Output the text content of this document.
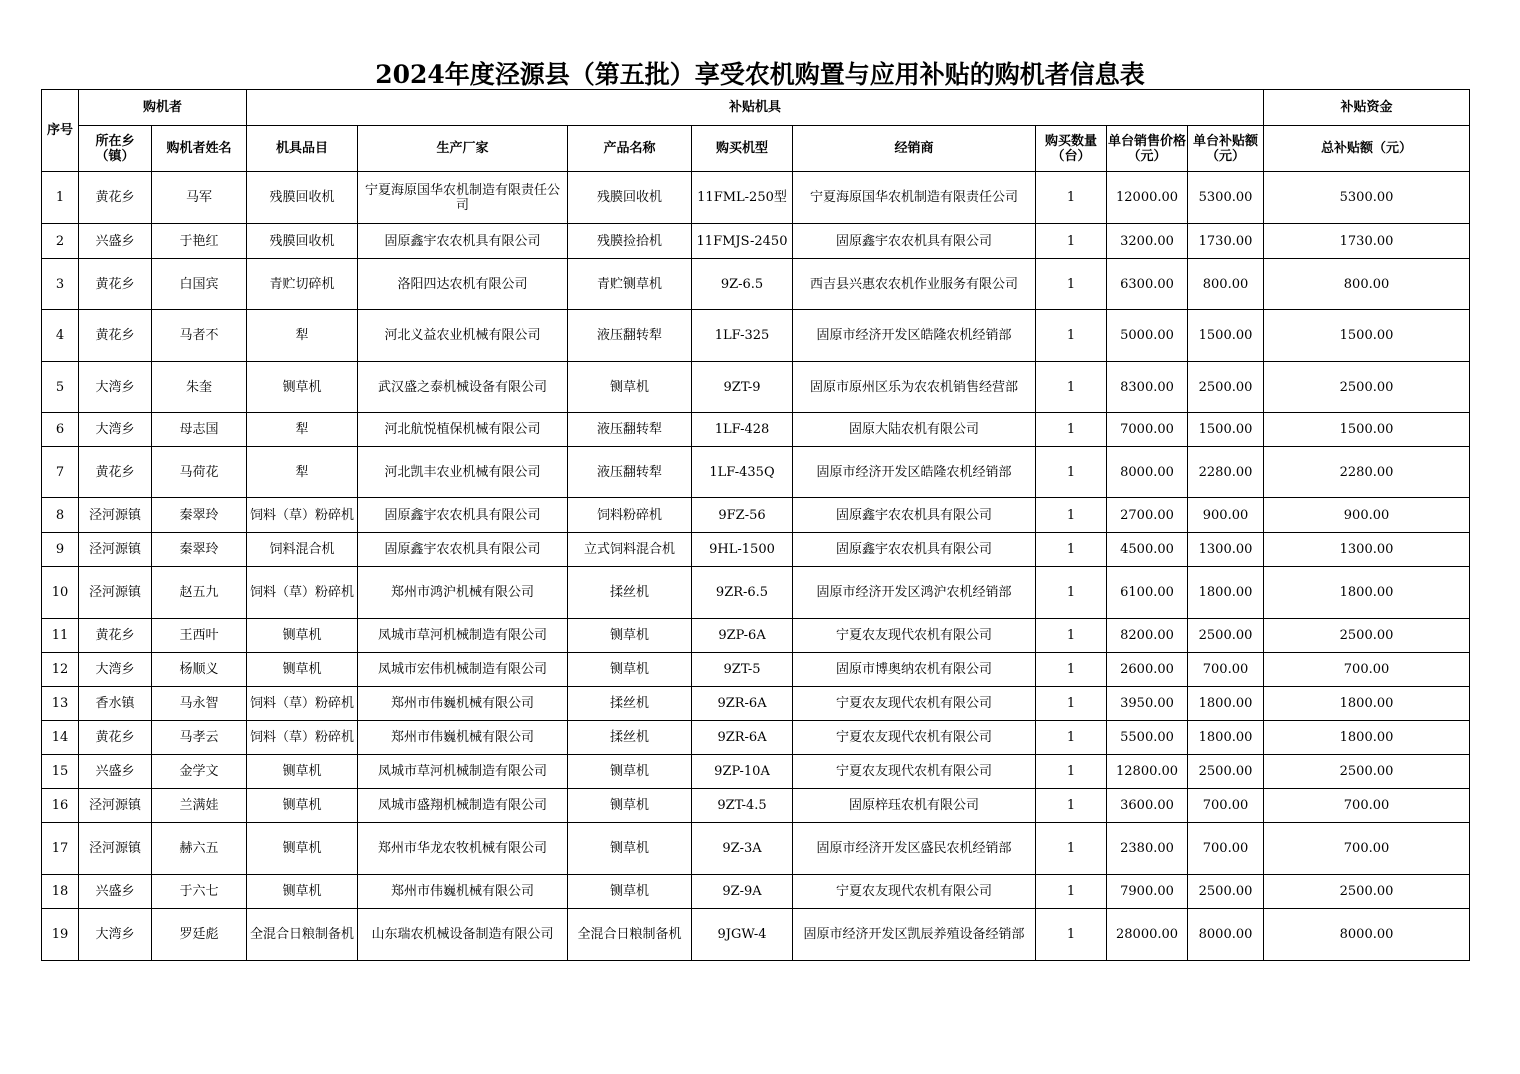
2024年度泾源县（第五批）享受农机购置与应用补贴的购机者信息表
序号	购机者		补贴机具								补贴资金
	所在乡（镇）	购机者姓名	机具品目	生产厂家	产品名称	购买机型	经销商	购买数量（台）	单台销售价格（元）	单台补贴额（元）	总补贴额（元）
1	黄花乡	马军	残膜回收机	宁夏海原国华农机制造有限责任公司	残膜回收机	11FML-250型	宁夏海原国华农机制造有限责任公司	1	12000.00	5300.00	5300.00
2	兴盛乡	于艳红	残膜回收机	固原鑫宇农农机具有限公司	残膜捡拾机	11FMJS-2450	固原鑫宇农农机具有限公司	1	3200.00	1730.00	1730.00
3	黄花乡	白国宾	青贮切碎机	洛阳四达农机有限公司	青贮铡草机	9Z-6.5	西吉县兴惠农农机作业服务有限公司	1	6300.00	800.00	800.00
4	黄花乡	马者不	犁	河北义益农业机械有限公司	液压翻转犁	1LF-325	固原市经济开发区皓隆农机经销部	1	5000.00	1500.00	1500.00
5	大湾乡	朱奎	铡草机	武汉盛之泰机械设备有限公司	铡草机	9ZT-9	固原市原州区乐为农农机销售经营部	1	8300.00	2500.00	2500.00
6	大湾乡	母志国	犁	河北航悦植保机械有限公司	液压翻转犁	1LF-428	固原大陆农机有限公司	1	7000.00	1500.00	1500.00
7	黄花乡	马荷花	犁	河北凯丰农业机械有限公司	液压翻转犁	1LF-435Q	固原市经济开发区皓隆农机经销部	1	8000.00	2280.00	2280.00
8	泾河源镇	秦翠玲	饲料（草）粉碎机	固原鑫宇农农机具有限公司	饲料粉碎机	9FZ-56	固原鑫宇农农机具有限公司	1	2700.00	900.00	900.00
9	泾河源镇	秦翠玲	饲料混合机	固原鑫宇农农机具有限公司	立式饲料混合机	9HL-1500	固原鑫宇农农机具有限公司	1	4500.00	1300.00	1300.00
10	泾河源镇	赵五九	饲料（草）粉碎机	郑州市鸿沪机械有限公司	揉丝机	9ZR-6.5	固原市经济开发区鸿沪农机经销部	1	6100.00	1800.00	1800.00
11	黄花乡	王西叶	铡草机	凤城市草河机械制造有限公司	铡草机	9ZP-6A	宁夏农友现代农机有限公司	1	8200.00	2500.00	2500.00
12	大湾乡	杨顺义	铡草机	凤城市宏伟机械制造有限公司	铡草机	9ZT-5	固原市博奥纳农机有限公司	1	2600.00	700.00	700.00
13	香水镇	马永智	饲料（草）粉碎机	郑州市伟巍机械有限公司	揉丝机	9ZR-6A	宁夏农友现代农机有限公司	1	3950.00	1800.00	1800.00
14	黄花乡	马孝云	饲料（草）粉碎机	郑州市伟巍机械有限公司	揉丝机	9ZR-6A	宁夏农友现代农机有限公司	1	5500.00	1800.00	1800.00
15	兴盛乡	金学文	铡草机	凤城市草河机械制造有限公司	铡草机	9ZP-10A	宁夏农友现代农机有限公司	1	12800.00	2500.00	2500.00
16	泾河源镇	兰满娃	铡草机	凤城市盛翔机械制造有限公司	铡草机	9ZT-4.5	固原梓珏农机有限公司	1	3600.00	700.00	700.00
17	泾河源镇	赫六五	铡草机	郑州市华龙农牧机械有限公司	铡草机	9Z-3A	固原市经济开发区盛民农机经销部	1	2380.00	700.00	700.00
18	兴盛乡	于六七	铡草机	郑州市伟巍机械有限公司	铡草机	9Z-9A	宁夏农友现代农机有限公司	1	7900.00	2500.00	2500.00
19	大湾乡	罗廷彪	全混合日粮制备机	山东瑞农机械设备制造有限公司	全混合日粮制备机	9JGW-4	固原市经济开发区凯辰养殖设备经销部	1	28000.00	8000.00	8000.00
